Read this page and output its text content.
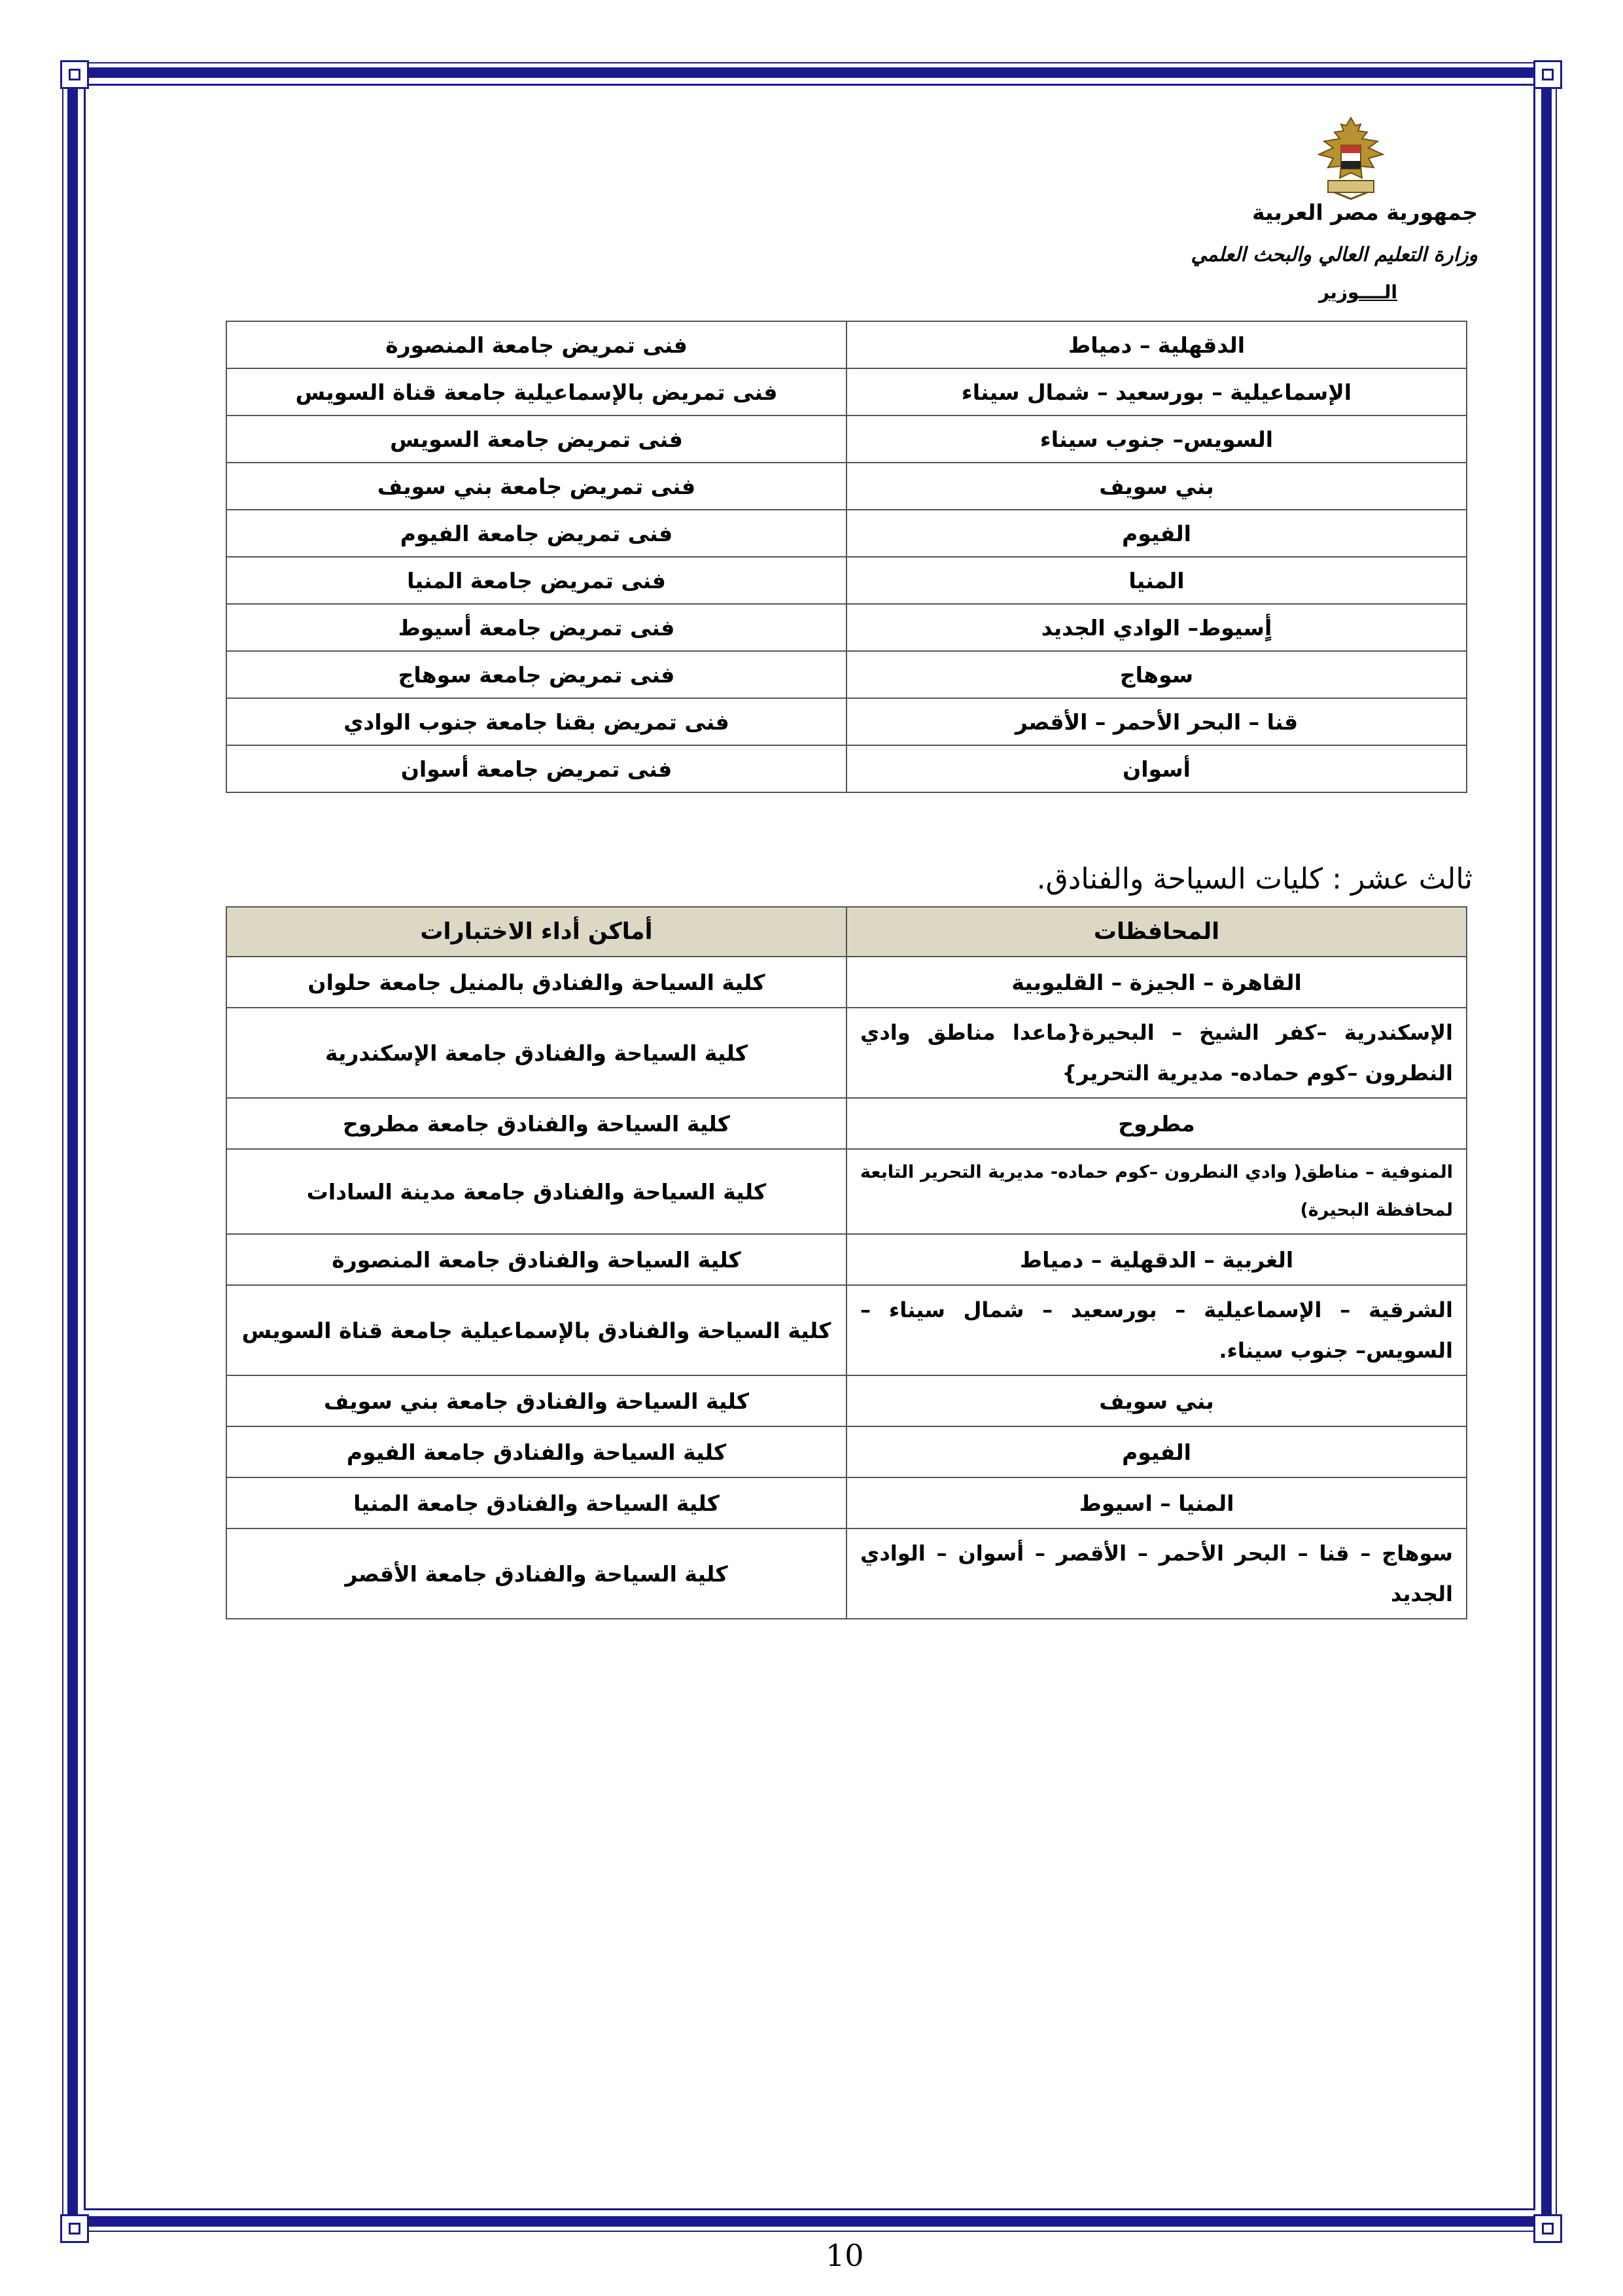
جمهورية مصر العربية
وزارة التعليم العالي والبحث العلمي
الــــوزير
الدقهلية – دمياط	فنى تمريض جامعة المنصورة
الإسماعيلية – بورسعيد – شمال سيناء	فنى تمريض بالإسماعيلية جامعة قناة السويس
السويس– جنوب سيناء	فنى تمريض جامعة السويس
بني سويف	فنى تمريض جامعة بني سويف
الفيوم	فنى تمريض جامعة الفيوم
المنيا	فنى تمريض جامعة المنيا
أٍسيوط– الوادي الجديد	فنى تمريض جامعة أسيوط
سوهاج	فنى تمريض جامعة سوهاج
قنا – البحر الأحمر – الأقصر	فنى تمريض بقنا جامعة جنوب الوادي
أسوان	فنى تمريض جامعة أسوان
ثالث عشر : كليات السياحة والفنادق.
المحافظات	أماكن أداء الاختبارات
القاهرة – الجيزة – القليوبية	كلية السياحة والفنادق بالمنيل جامعة حلوان
الإسكندرية –كفر الشيخ – البحيرة{ماعدا مناطق وادي النطرون –كوم حماده- مديرية التحرير}	كلية السياحة والفنادق جامعة الإسكندرية
مطروح	كلية السياحة والفنادق جامعة مطروح
المنوفية – مناطق( وادي النطرون –كوم حماده- مديرية التحرير التابعة لمحافظة البحيرة)	كلية السياحة والفنادق جامعة مدينة السادات
الغربية – الدقهلية – دمياط	كلية السياحة والفنادق جامعة المنصورة
الشرقية – الإسماعيلية – بورسعيد – شمال سيناء – السويس– جنوب سيناء.	كلية السياحة والفنادق بالإسماعيلية جامعة قناة السويس
بني سويف	كلية السياحة والفنادق جامعة بني سويف
الفيوم	كلية السياحة والفنادق جامعة الفيوم
المنيا – اسيوط	كلية السياحة والفنادق جامعة المنيا
سوهاج – قنا – البحر الأحمر – الأقصر – أسوان – الوادي الجديد	كلية السياحة والفنادق جامعة الأقصر
10
